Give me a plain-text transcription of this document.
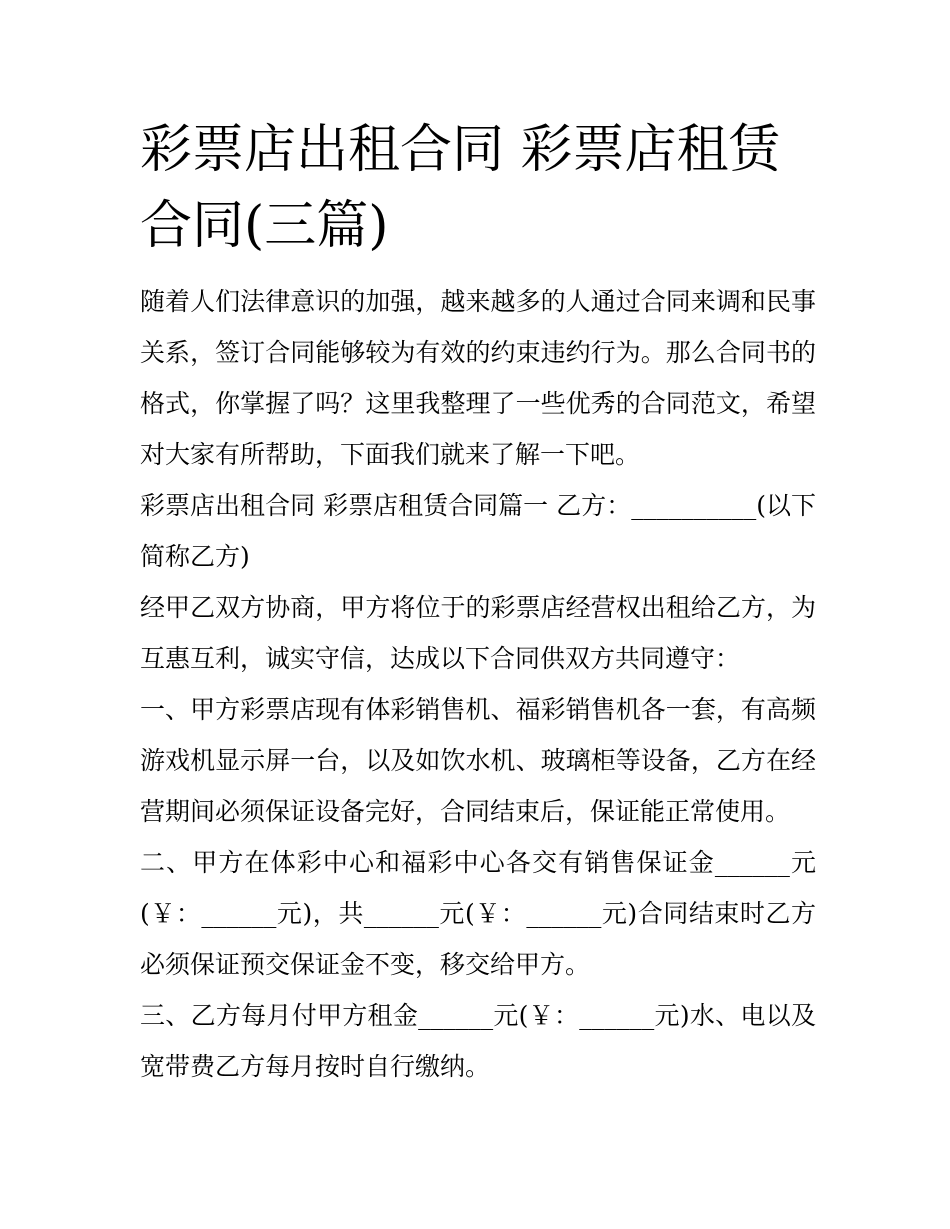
彩票店出租合同 彩票店租赁合同(三篇)

随着人们法律意识的加强，越来越多的人通过合同来调和民事关系，签订合同能够较为有效的约束违约行为。那么合同书的格式，你掌握了吗？这里我整理了一些优秀的合同范文，希望对大家有所帮助，下面我们就来了解一下吧。

彩票店出租合同 彩票店租赁合同篇一 乙方：__________(以下简称乙方)

经甲乙双方协商，甲方将位于的彩票店经营权出租给乙方，为互惠互利，诚实守信，达成以下合同供双方共同遵守：

一、甲方彩票店现有体彩销售机、福彩销售机各一套，有高频游戏机显示屏一台，以及如饮水机、玻璃柜等设备，乙方在经营期间必须保证设备完好，合同结束后，保证能正常使用。

二、甲方在体彩中心和福彩中心各交有销售保证金______元(￥：______元)，共______元(￥：______元)合同结束时乙方必须保证预交保证金不变，移交给甲方。

三、乙方每月付甲方租金______元(￥：______元)水、电以及宽带费乙方每月按时自行缴纳。
